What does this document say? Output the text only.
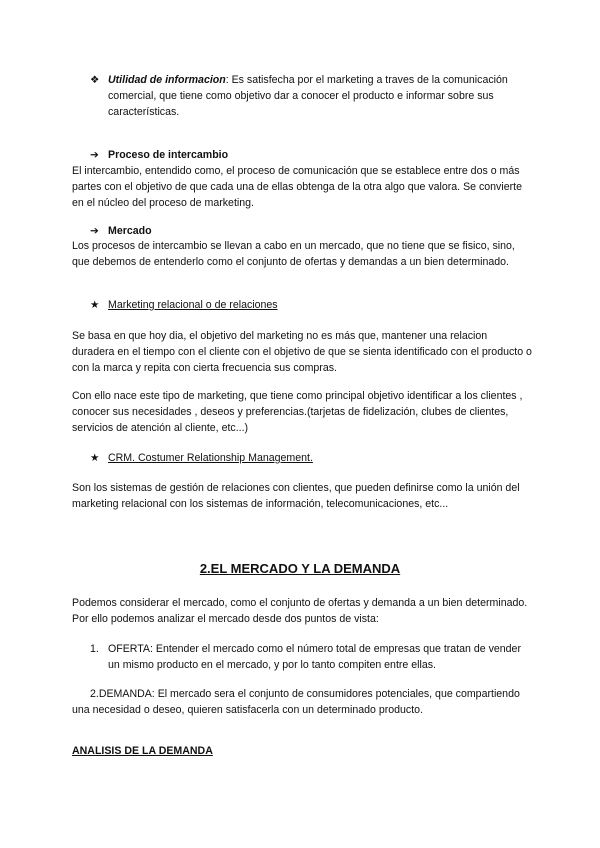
❖ Utilidad de informacion: Es satisfecha por el marketing a traves de la comunicación comercial, que tiene como objetivo dar a conocer el producto e informar sobre sus características.
➔ Proceso de intercambio
El intercambio, entendido como, el proceso de comunicación que se establece entre dos o más partes con el objetivo de que cada una de ellas obtenga de la otra algo que valora. Se convierte en el núcleo del proceso de marketing.
➔ Mercado
Los procesos de intercambio se llevan a cabo en un mercado, que no tiene que se fisico, sino, que debemos de entenderlo como el conjunto de ofertas y demandas a un bien determinado.
★ Marketing relacional o de relaciones
Se basa en que hoy dia, el objetivo del marketing no es más que, mantener una relacion duradera en el tiempo con el cliente con el objetivo de que se sienta identificado con el producto o con la marca y repita con cierta frecuencia sus compras.
Con ello nace este tipo de marketing, que tiene como principal objetivo identificar a los clientes , conocer sus necesidades , deseos y preferencias.(tarjetas de fidelización, clubes de clientes, servicios de atención al cliente, etc...)
★ CRM. Costumer Relationship Management.
Son los sistemas de gestión de relaciones con clientes, que pueden definirse como la unión del marketing relacional con los sistemas de información, telecomunicaciones, etc...
2.EL MERCADO Y LA DEMANDA
Podemos considerar el mercado, como el conjunto de ofertas y demanda a un bien determinado. Por ello podemos analizar el mercado desde dos puntos de vista:
1. OFERTA: Entender el mercado como el número total de empresas que tratan de vender un mismo producto en el mercado, y por lo tanto compiten entre ellas.
2.DEMANDA: El mercado sera el conjunto de consumidores potenciales, que compartiendo una necesidad o deseo, quieren satisfacerla con un determinado producto.
ANALISIS DE LA DEMANDA
